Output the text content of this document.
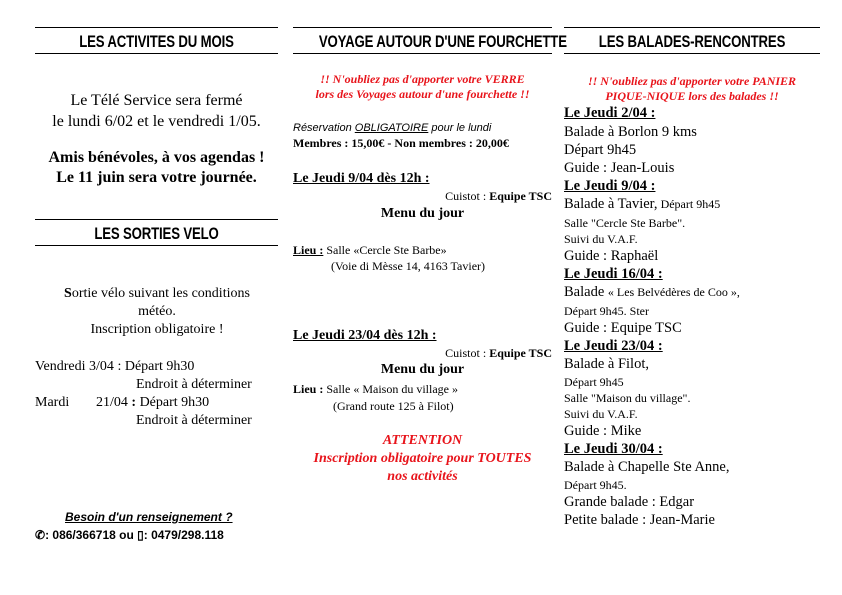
LES ACTIVITES DU MOIS
Le Télé Service sera fermé
le lundi 6/02 et le vendredi 1/05.
Amis bénévoles, à vos agendas !
Le 11 juin sera votre journée.
LES SORTIES VELO
Sortie vélo suivant les conditions
météo.
Inscription obligatoire !
Vendredi 3/04 : Départ 9h30
Endroit à déterminer
Mardi 21/04 : Départ 9h30
Endroit à déterminer
Besoin d'un renseignement ?
✆: 086/366718 ou ▯: 0479/298.118
VOYAGE AUTOUR D'UNE FOURCHETTE
!! N'oubliez pas d'apporter votre VERRE
lors des Voyages autour d'une fourchette !!
Réservation OBLIGATOIRE pour le lundi
Membres : 15,00€ - Non membres : 20,00€
Le Jeudi 9/04 dès 12h :
Cuistot : Equipe TSC
Menu du jour
Lieu : Salle «Cercle Ste Barbe»
(Voie di Mèsse 14, 4163 Tavier)
Le Jeudi 23/04 dès 12h :
Cuistot : Equipe TSC
Menu du jour
Lieu : Salle « Maison du village »
(Grand route 125 à Filot)
ATTENTION
Inscription obligatoire pour TOUTES
nos activités
LES BALADES-RENCONTRES
!! N'oubliez pas d'apporter votre PANIER
PIQUE-NIQUE lors des balades !!
Le Jeudi 2/04 :
Balade à Borlon 9 kms
Départ 9h45
Guide : Jean-Louis
Le Jeudi 9/04 :
Balade à Tavier, Départ 9h45
Salle "Cercle Ste Barbe".
Suivi du V.A.F.
Guide : Raphaël
Le Jeudi 16/04 :
Balade « Les Belvédères de Coo »,
Départ 9h45. Ster
Guide : Equipe TSC
Le Jeudi 23/04 :
Balade à Filot,
Départ 9h45
Salle "Maison du village".
Suivi du V.A.F.
Guide : Mike
Le Jeudi 30/04 :
Balade à Chapelle Ste Anne,
Départ 9h45.
Grande balade : Edgar
Petite balade : Jean-Marie
